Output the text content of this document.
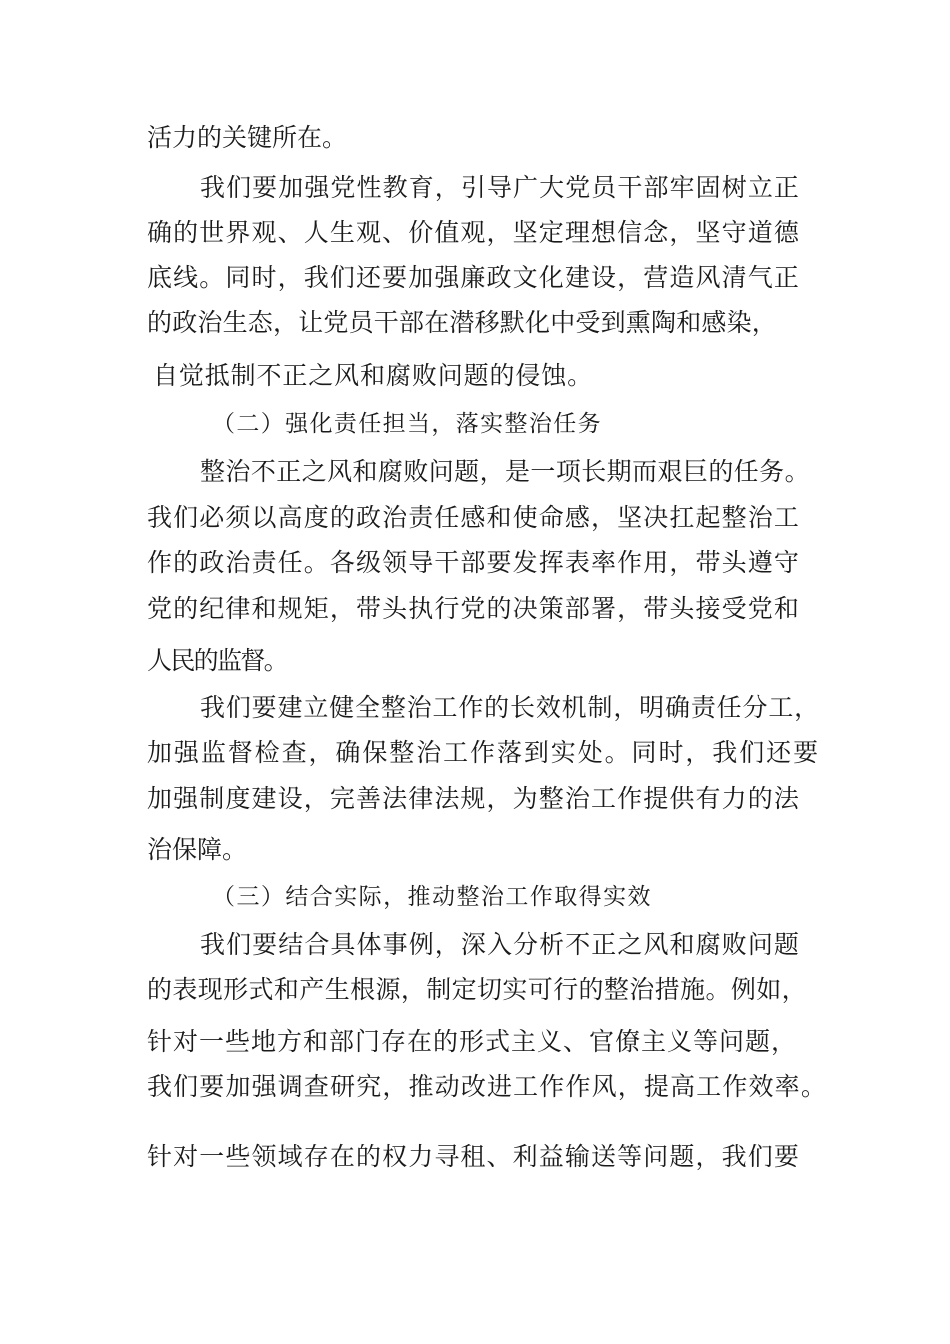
活力的关键所在。
我们要加强党性教育，引导广大党员干部牢固树立正
确的世界观、人生观、价值观，坚定理想信念，坚守道德
底线。同时，我们还要加强廉政文化建设，营造风清气正
的政治生态，让党员干部在潜移默化中受到熏陶和感染，
自觉抵制不正之风和腐败问题的侵蚀。
（二）强化责任担当，落实整治任务
整治不正之风和腐败问题，是一项长期而艰巨的任务。
我们必须以高度的政治责任感和使命感，坚决扛起整治工
作的政治责任。各级领导干部要发挥表率作用，带头遵守
党的纪律和规矩，带头执行党的决策部署，带头接受党和
人民的监督。
我们要建立健全整治工作的长效机制，明确责任分工，
加强监督检查，确保整治工作落到实处。同时，我们还要
加强制度建设，完善法律法规，为整治工作提供有力的法
治保障。
（三）结合实际，推动整治工作取得实效
我们要结合具体事例，深入分析不正之风和腐败问题
的表现形式和产生根源，制定切实可行的整治措施。例如，
针对一些地方和部门存在的形式主义、官僚主义等问题，
我们要加强调查研究，推动改进工作作风，提高工作效率。
针对一些领域存在的权力寻租、利益输送等问题，我们要
